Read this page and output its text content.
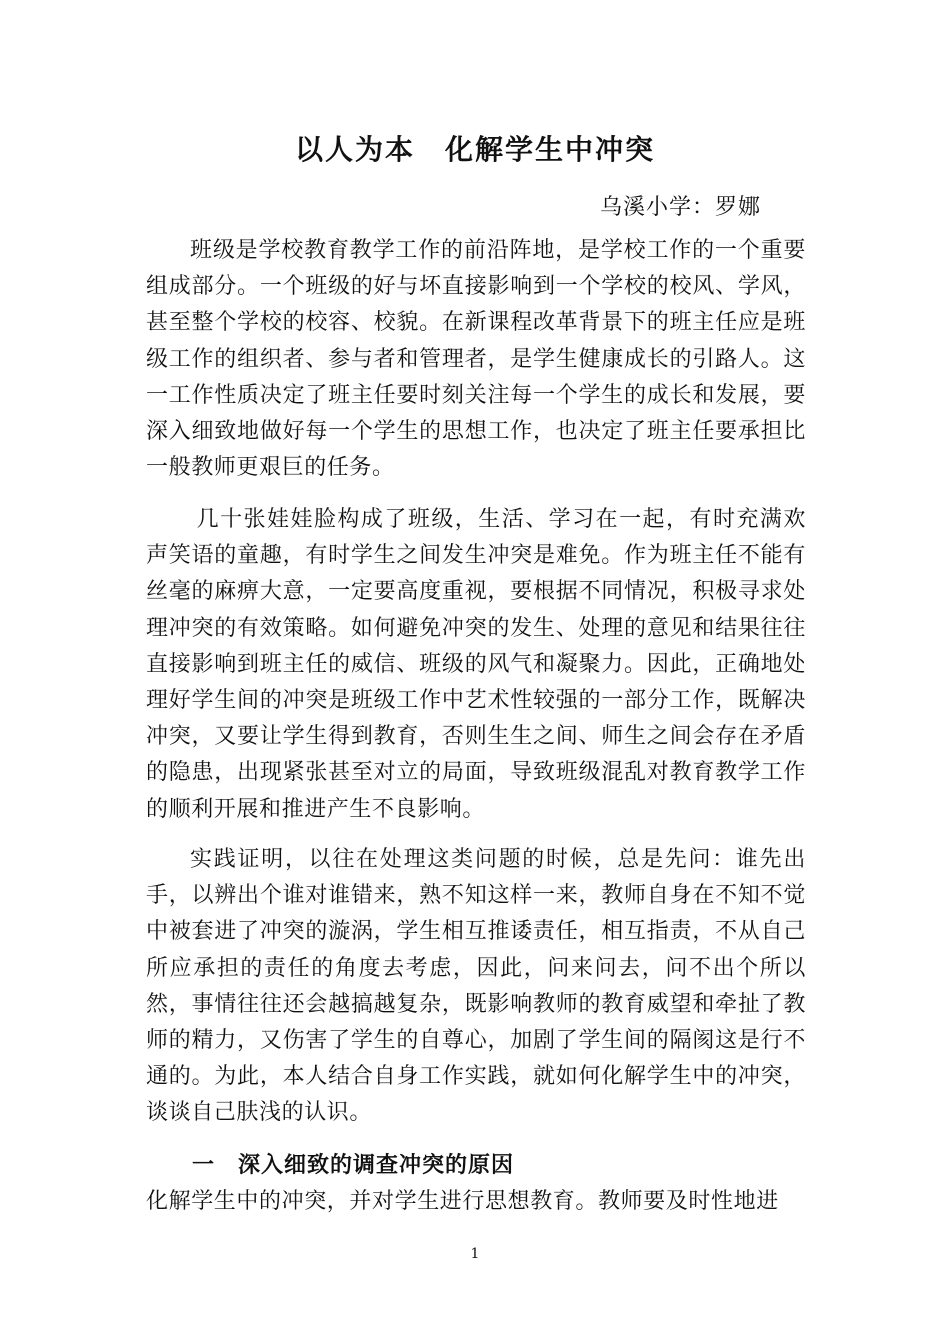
以人为本　化解学生中冲突
乌溪小学：罗娜

班级是学校教育教学工作的前沿阵地，是学校工作的一个重要组成部分。一个班级的好与坏直接影响到一个学校的校风、学风，甚至整个学校的校容、校貌。在新课程改革背景下的班主任应是班级工作的组织者、参与者和管理者，是学生健康成长的引路人。这一工作性质决定了班主任要时刻关注每一个学生的成长和发展，要深入细致地做好每一个学生的思想工作，也决定了班主任要承担比一般教师更艰巨的任务。

几十张娃娃脸构成了班级，生活、学习在一起，有时充满欢声笑语的童趣，有时学生之间发生冲突是难免。作为班主任不能有丝毫的麻痹大意，一定要高度重视，要根据不同情况，积极寻求处理冲突的有效策略。如何避免冲突的发生、处理的意见和结果往往直接影响到班主任的威信、班级的风气和凝聚力。因此，正确地处理好学生间的冲突是班级工作中艺术性较强的一部分工作，既解决冲突，又要让学生得到教育，否则生生之间、师生之间会存在矛盾的隐患，出现紧张甚至对立的局面，导致班级混乱对教育教学工作的顺利开展和推进产生不良影响。

实践证明，以往在处理这类问题的时候，总是先问：谁先出手，以辨出个谁对谁错来，熟不知这样一来，教师自身在不知不觉中被套进了冲突的漩涡，学生相互推诿责任，相互指责，不从自己所应承担的责任的角度去考虑，因此，问来问去，问不出个所以然，事情往往还会越搞越复杂，既影响教师的教育威望和牵扯了教师的精力，又伤害了学生的自尊心，加剧了学生间的隔阂这是行不通的。为此，本人结合自身工作实践，就如何化解学生中的冲突，谈谈自己肤浅的认识。

一　深入细致的调查冲突的原因

化解学生中的冲突，并对学生进行思想教育。教师要及时性地进

1
